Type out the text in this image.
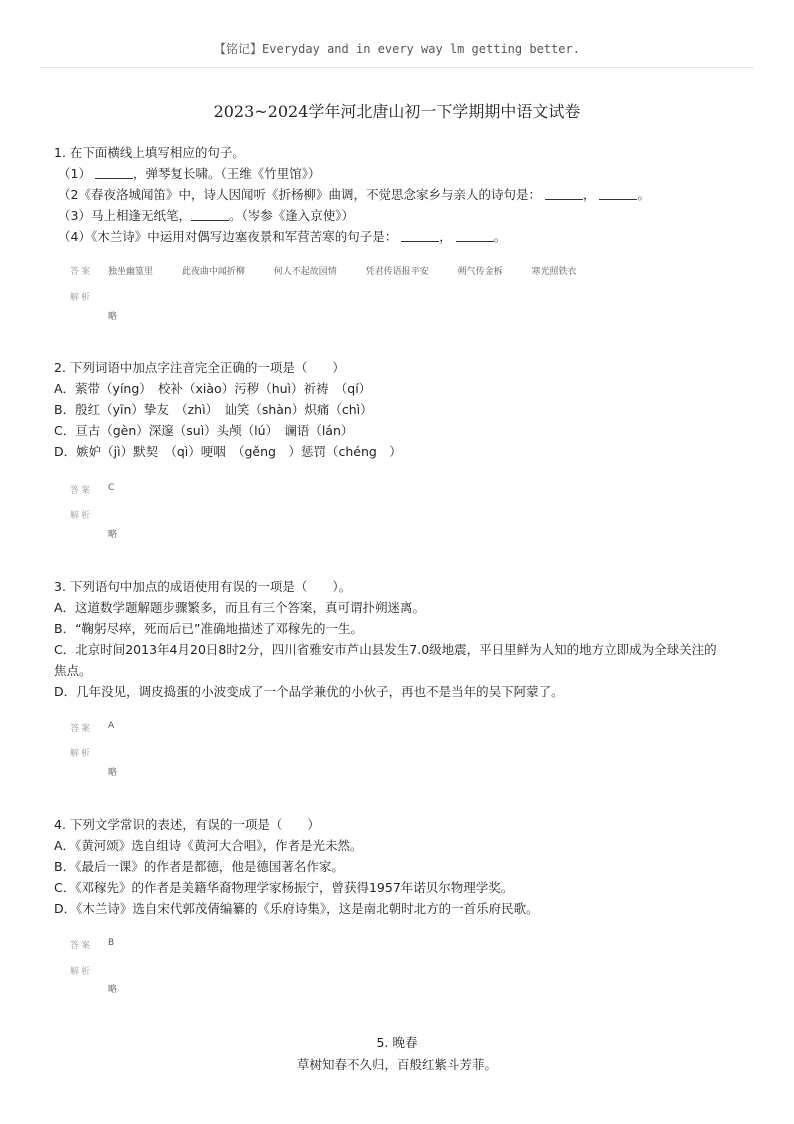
【铭记】Everyday and in every way lm getting better.
2023~2024学年河北唐山初一下学期期中语文试卷
1. 在下面横线上填写相应的句子。
（1）	，弹琴复长啸。（王维《竹里馆》）
（2《春夜洛城闻笛》中，诗人因闻听《折杨柳》曲调，不觉思念家乡与亲人的诗句是：	，	。
（3）马上相逢无纸笔，	。（岑参《逢入京使》）
（4）《木兰诗》中运用对偶写边塞夜景和军营苦寒的句子是：	，	。
答案 独坐幽篁里	此夜曲中闻折柳	何人不起故园情	凭君传语报平安	朔气传金柝	寒光照铁衣
解析
略
2. 下列词语中加点字注音完全正确的一项是（　　）
A．萦带（yíng）　校补（xiào）污秽（huì）祈祷　（qí）
B．殷红（yīn）挚友　（zhì）　讪笑（shàn）炽痛（chì）
C．亘古（gèn）深邃（suì）头颅（lú）　谰语（lán）
D．嫉妒（jì）默契　（qì）哽咽　（gěng　）惩罚（chéng　）
答案 C
解析
略
3. 下列语句中加点的成语使用有误的一项是（　　）。
A．这道数学题解题步骤繁多，而且有三个答案，真可谓扑朔迷离。
B．“鞠躬尽瘁，死而后已”准确地描述了邓稼先的一生。
C．北京时间2013年4月20日8时2分，四川省雅安市芦山县发生7.0级地震，平日里鲜为人知的地方立即成为全球关注的
焦点。
D．几年没见，调皮捣蛋的小波变成了一个品学兼优的小伙子，再也不是当年的吴下阿蒙了。
答案 A
解析
略
4. 下列文学常识的表述，有误的一项是（　　）
A．《黄河颂》选自组诗《黄河大合唱》，作者是光未然。
B．《最后一课》的作者是都德，他是德国著名作家。
C．《邓稼先》的作者是美籍华裔物理学家杨振宁，曾获得1957年诺贝尔物理学奖。
D．《木兰诗》选自宋代郭茂倩编纂的《乐府诗集》，这是南北朝时北方的一首乐府民歌。
答案 B
解析
略
5. 晚春
草树知春不久归，百般红紫斗芳菲。
